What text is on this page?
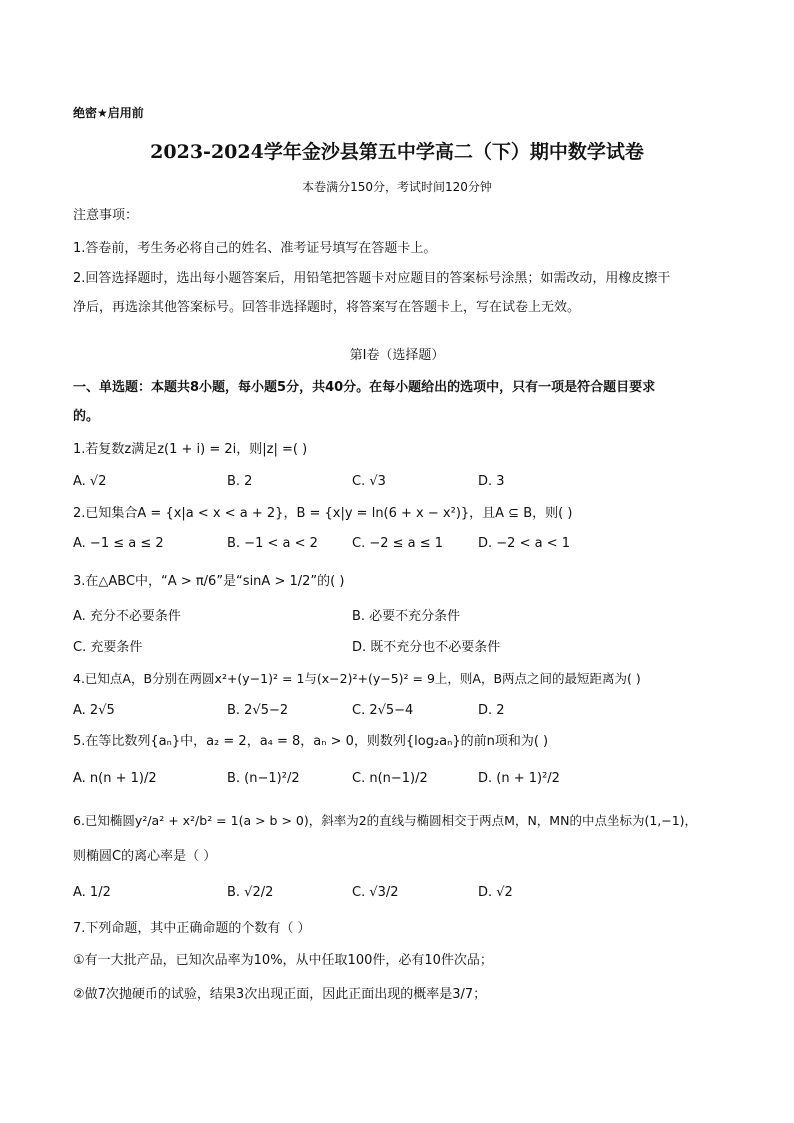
绝密★启用前
2023-2024学年金沙县第五中学高二（下）期中数学试卷
本卷满分150分，考试时间120分钟
注意事项：
1.答卷前，考生务必将自己的姓名、准考证号填写在答题卡上。
2.回答选择题时，选出每小题答案后，用铅笔把答题卡对应题目的答案标号涂黑；如需改动，用橡皮擦干
净后，再选涂其他答案标号。回答非选择题时，将答案写在答题卡上，写在试卷上无效。
第I卷（选择题）
一、单选题：本题共8小题，每小题5分，共40分。在每小题给出的选项中，只有一项是符合题目要求
的。
1.若复数z满足z(1 + i) = 2i，则|z| =( )
A. √2	B. 2	C. √3	D. 3
2.已知集合A = {x|a < x < a + 2}，B = {x|y = ln(6 + x − x²)}，且A ⊆ B，则( )
A. −1 ≤ a ≤ 2	B. −1 < a < 2	C. −2 ≤ a ≤ 1	D. −2 < a < 1
3.在△ABC中，“A > π/6”是“sinA > 1/2”的( )
A. 充分不必要条件	B. 必要不充分条件
C. 充要条件	D. 既不充分也不必要条件
4.已知点A，B分别在两圆x²+(y−1)² = 1与(x−2)²+(y−5)² = 9上，则A，B两点之间的最短距离为( )
A. 2√5	B. 2√5−2	C. 2√5−4	D. 2
5.在等比数列{aₙ}中，a₂ = 2，a₄ = 8，aₙ > 0，则数列{log₂aₙ}的前n项和为( )
A. n(n + 1)/2	B. (n−1)²/2	C. n(n−1)/2	D. (n + 1)²/2
6.已知椭圆y²/a² + x²/b² = 1(a > b > 0)，斜率为2的直线与椭圆相交于两点M，N，MN的中点坐标为(1,−1)，
则椭圆C的离心率是（ ）
A. 1/2	B. √2/2	C. √3/2	D. √2
7.下列命题，其中正确命题的个数有（ ）
①有一大批产品，已知次品率为10%，从中任取100件，必有10件次品；
②做7次抛硬币的试验，结果3次出现正面，因此正面出现的概率是3/7；
